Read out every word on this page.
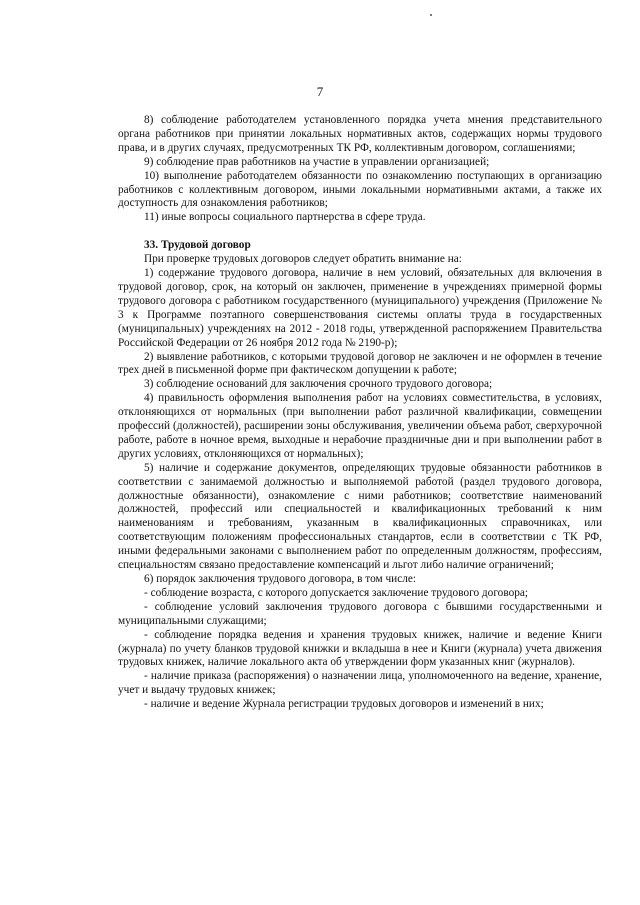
7

8) соблюдение работодателем установленного порядка учета мнения представительного органа работников при принятии локальных нормативных актов, содержащих нормы трудового права, и в других случаях, предусмотренных ТК РФ, коллективным договором, соглашениями;

9) соблюдение прав работников на участие в управлении организацией;

10) выполнение работодателем обязанности по ознакомлению поступающих в организацию работников с коллективным договором, иными локальными нормативными актами, а также их доступность для ознакомления работников;

11) иные вопросы социального партнерства в сфере труда.

33. Трудовой договор

При проверке трудовых договоров следует обратить внимание на:

1) содержание трудового договора, наличие в нем условий, обязательных для включения в трудовой договор, срок, на который он заключен, применение в учреждениях примерной формы трудового договора с работником государственного (муниципального) учреждения (Приложение № 3 к Программе поэтапного совершенствования системы оплаты труда в государственных (муниципальных) учреждениях на 2012 - 2018 годы, утвержденной распоряжением Правительства Российской Федерации от 26 ноября 2012 года № 2190-р);

2) выявление работников, с которыми трудовой договор не заключен и не оформлен в течение трех дней в письменной форме при фактическом допущении к работе;

3) соблюдение оснований для заключения срочного трудового договора;

4) правильность оформления выполнения работ на условиях совместительства, в условиях, отклоняющихся от нормальных (при выполнении работ различной квалификации, совмещении профессий (должностей), расширении зоны обслуживания, увеличении объема работ, сверхурочной работе, работе в ночное время, выходные и нерабочие праздничные дни и при выполнении работ в других условиях, отклоняющихся от нормальных);

5) наличие и содержание документов, определяющих трудовые обязанности работников в соответствии с занимаемой должностью и выполняемой работой (раздел трудового договора, должностные обязанности), ознакомление с ними работников; соответствие наименований должностей, профессий или специальностей и квалификационных требований к ним наименованиям и требованиям, указанным в квалификационных справочниках, или соответствующим положениям профессиональных стандартов, если в соответствии с ТК РФ, иными федеральными законами с выполнением работ по определенным должностям, профессиям, специальностям связано предоставление компенсаций и льгот либо наличие ограничений;

6) порядок заключения трудового договора, в том числе:

- соблюдение возраста, с которого допускается заключение трудового договора;

- соблюдение условий заключения трудового договора с бывшими государственными и муниципальными служащими;

- соблюдение порядка ведения и хранения трудовых книжек, наличие и ведение Книги (журнала) по учету бланков трудовой книжки и вкладыша в нее и Книги (журнала) учета движения трудовых книжек, наличие локального акта об утверждении форм указанных книг (журналов).

- наличие приказа (распоряжения) о назначении лица, уполномоченного на ведение, хранение, учет и выдачу трудовых книжек;

- наличие и ведение Журнала регистрации трудовых договоров и изменений в них;
